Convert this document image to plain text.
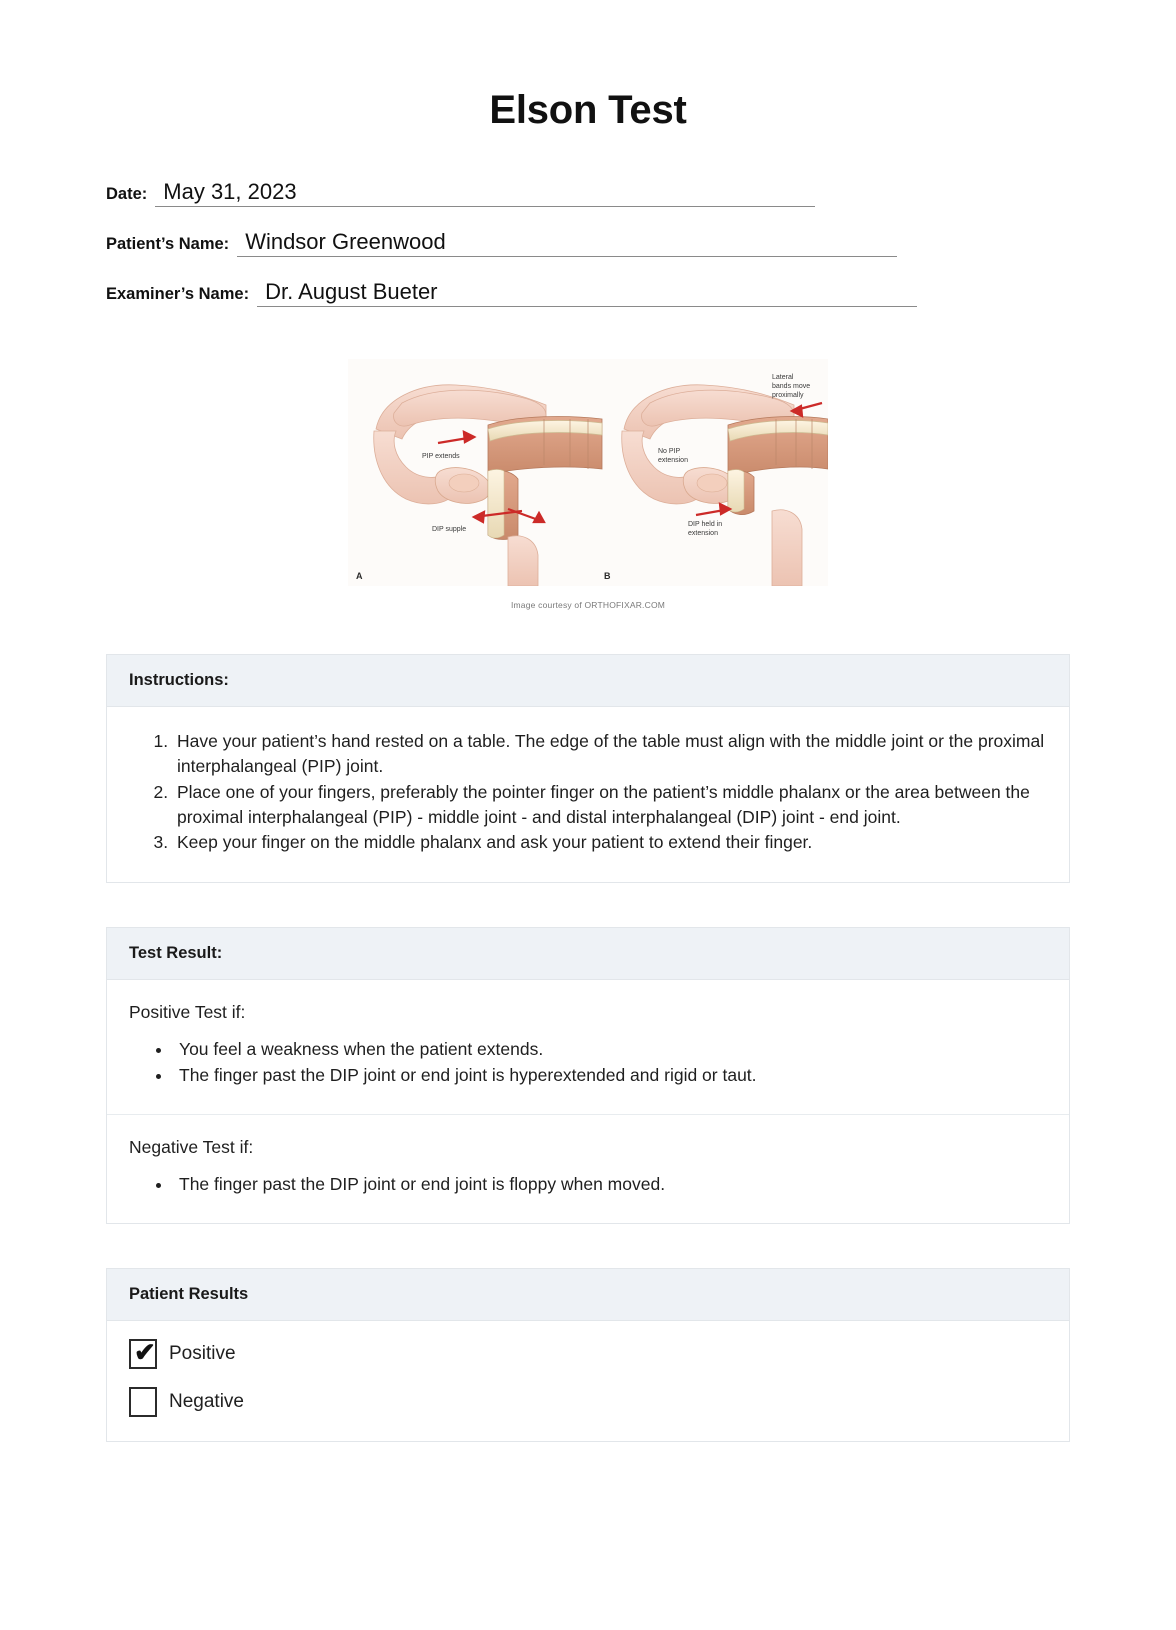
Elson Test
Date: May 31, 2023
Patient’s Name: Windsor Greenwood
Examiner’s Name: Dr. August Bueter
PIP extends
DIP supple
A
No PIP
extension
DIP held in
extension
Lateral
bands move
proximally
B
Image courtesy of ORTHOFIXAR.COM
Instructions:
1. Have your patient’s hand rested on a table. The edge of the table must align with the middle joint or the proximal interphalangeal (PIP) joint.
2. Place one of your fingers, preferably the pointer finger on the patient’s middle phalanx or the area between the proximal interphalangeal (PIP) - middle joint - and distal interphalangeal (DIP) joint - end joint.
3. Keep your finger on the middle phalanx and ask your patient to extend their finger.
Test Result:

Positive Test if:

• You feel a weakness when the patient extends.
• The finger past the DIP joint or end joint is hyperextended and rigid or taut.

Negative Test if:

• The finger past the DIP joint or end joint is floppy when moved.
Patient Results
✔ Positive
Negative
